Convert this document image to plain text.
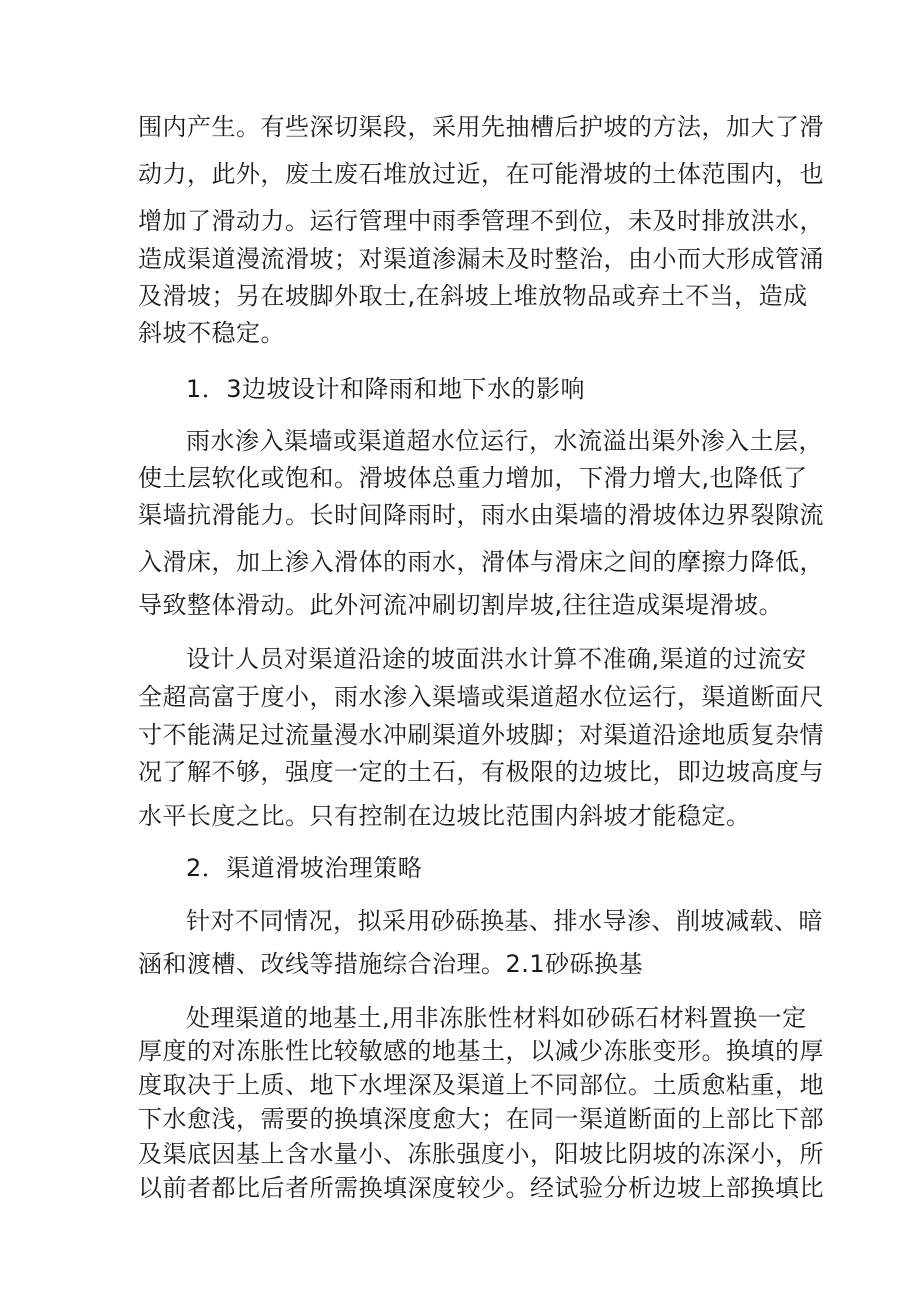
围内产生。有些深切渠段，采用先抽槽后护坡的方法，加大了滑
动力，此外，废土废石堆放过近，在可能滑坡的土体范围内，也
增加了滑动力。运行管理中雨季管理不到位，未及时排放洪水，
造成渠道漫流滑坡；对渠道渗漏未及时整治，由小而大形成管涌
及滑坡；另在坡脚外取士,在斜坡上堆放物品或弃土不当，造成
斜坡不稳定。
1．3边坡设计和降雨和地下水的影响
雨水渗入渠墙或渠道超水位运行，水流溢出渠外渗入土层，
使土层软化或饱和。滑坡体总重力增加，下滑力增大,也降低了
渠墙抗滑能力。长时间降雨时，雨水由渠墙的滑坡体边界裂隙流
入滑床，加上渗入滑体的雨水，滑体与滑床之间的摩擦力降低，
导致整体滑动。此外河流冲刷切割岸坡,往往造成渠堤滑坡。
设计人员对渠道沿途的坡面洪水计算不准确,渠道的过流安
全超高富于度小，雨水渗入渠墙或渠道超水位运行，渠道断面尺
寸不能满足过流量漫水冲刷渠道外坡脚；对渠道沿途地质复杂情
况了解不够，强度一定的土石，有极限的边坡比，即边坡高度与
水平长度之比。只有控制在边坡比范围内斜坡才能稳定。
2．渠道滑坡治理策略
针对不同情况，拟采用砂砾换基、排水导渗、削坡减载、暗
涵和渡槽、改线等措施综合治理。2.1砂砾换基
处理渠道的地基土,用非冻胀性材料如砂砾石材料置换一定
厚度的对冻胀性比较敏感的地基土，以减少冻胀变形。换填的厚
度取决于上质、地下水埋深及渠道上不同部位。土质愈粘重，地
下水愈浅，需要的换填深度愈大；在同一渠道断面的上部比下部
及渠底因基上含水量小、冻胀强度小，阳坡比阴坡的冻深小，所
以前者都比后者所需换填深度较少。经试验分析边坡上部换填比
